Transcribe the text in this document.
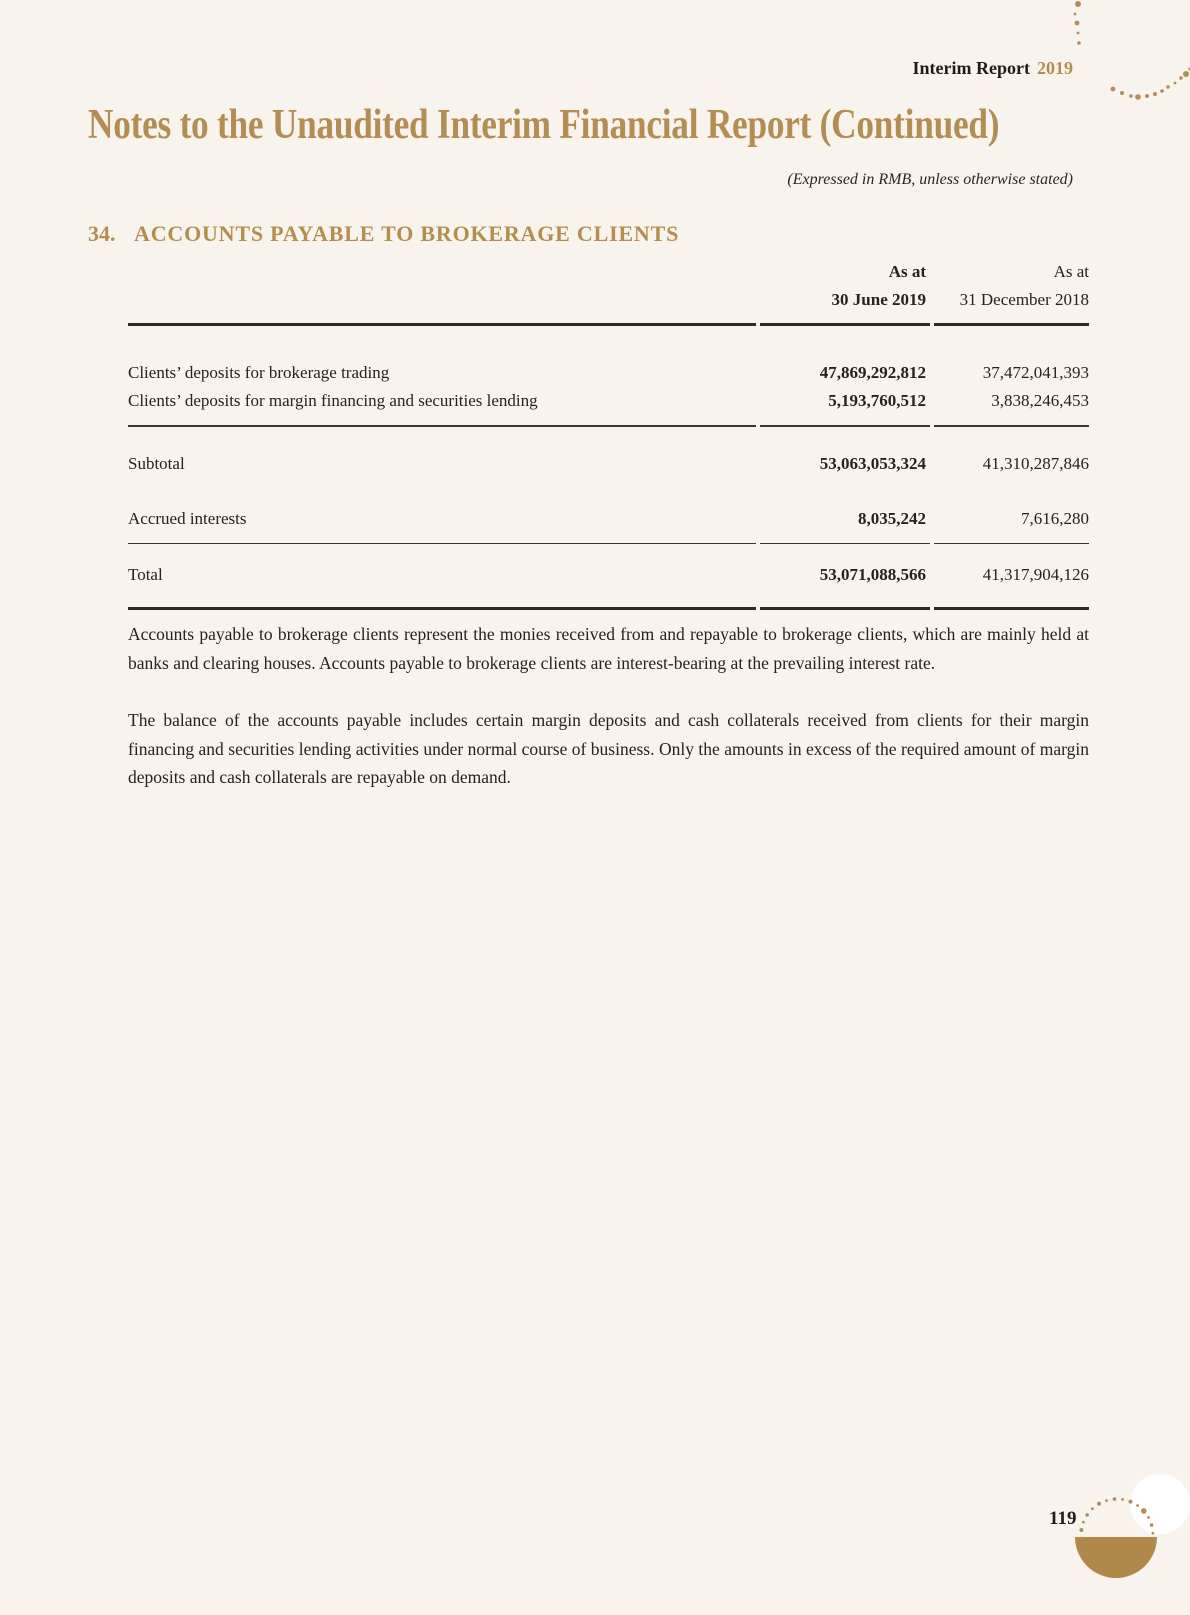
Interim Report 2019
Notes to the Unaudited Interim Financial Report (Continued)
(Expressed in RMB, unless otherwise stated)
34. ACCOUNTS PAYABLE TO BROKERAGE CLIENTS
As at	As at
30 June 2019	31 December 2018
Clients’ deposits for brokerage trading	47,869,292,812	37,472,041,393
Clients’ deposits for margin financing and securities lending	5,193,760,512	3,838,246,453
Subtotal	53,063,053,324	41,310,287,846
Accrued interests	8,035,242	7,616,280
Total	53,071,088,566	41,317,904,126

Accounts payable to brokerage clients represent the monies received from and repayable to brokerage clients, which are mainly held at banks and clearing houses. Accounts payable to brokerage clients are interest-bearing at the prevailing interest rate.

The balance of the accounts payable includes certain margin deposits and cash collaterals received from clients for their margin financing and securities lending activities under normal course of business. Only the amounts in excess of the required amount of margin deposits and cash collaterals are repayable on demand.

119
